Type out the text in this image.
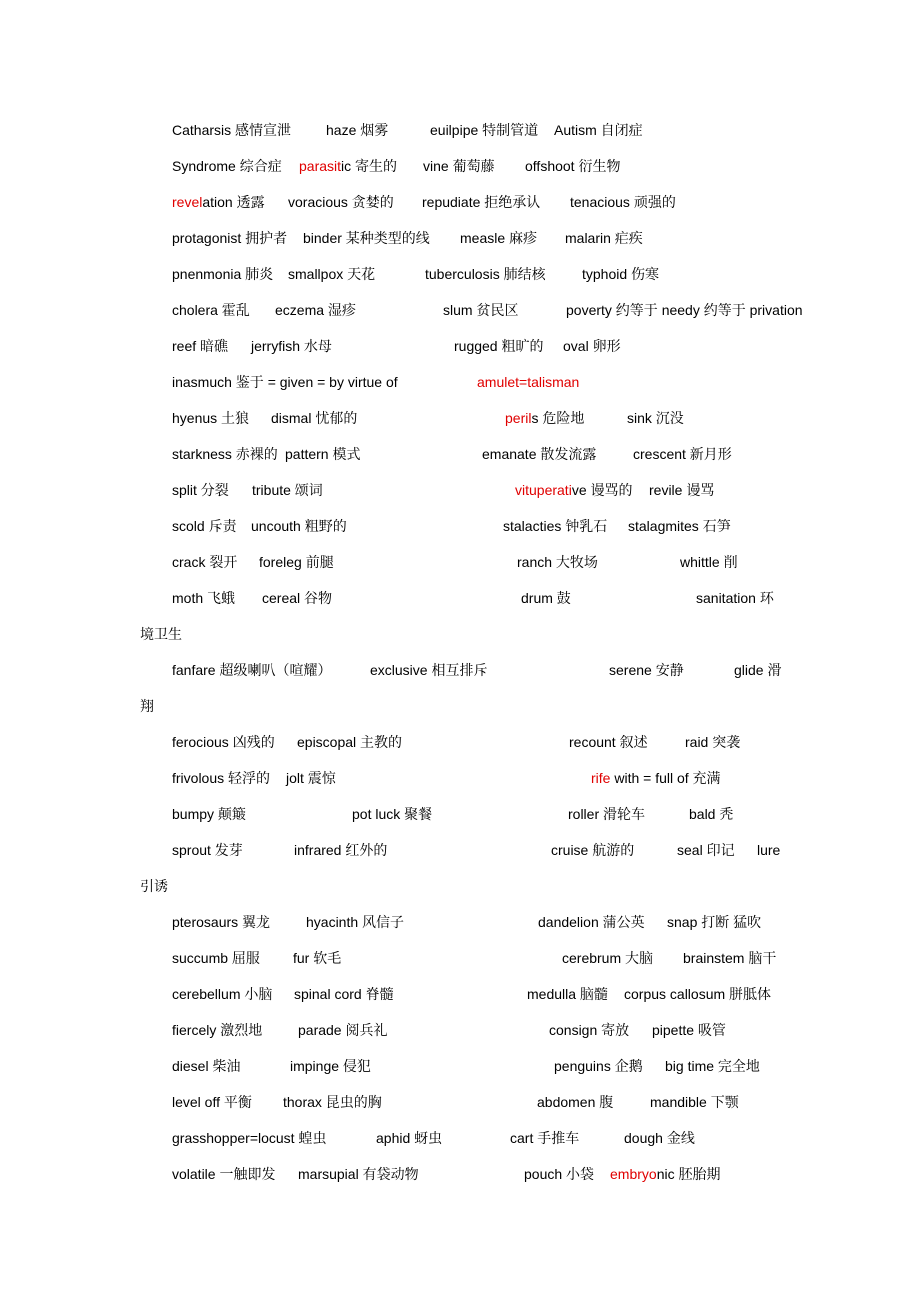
Catharsis 感情宣泄 haze 烟雾	euilpipe 特制管道 Autism 自闭症
Syndrome 综合症 parasitic 寄生的 vine 葡萄藤 offshoot 衍生物
revelation 透露 voracious 贪婪的 repudiate 拒绝承认 tenacious 顽强的
protagonist 拥护者 binder 某种类型的线 measle 麻疹 malarin 疟疾
pnenmonia 肺炎 smallpox 天花	tuberculosis 肺结核	typhoid 伤寒
cholera 霍乱 eczema 湿疹	slum 贫民区	poverty 约等于 needy 约等于 privation
reef 暗礁 jerryfish 水母	rugged 粗旷的 oval 卵形
inasmuch 鉴于 = given = by virtue of	amulet=talisman
hyenus 土狼 dismal 忧郁的	perils 危险地	sink 沉没
starkness 赤裸的 pattern 模式	emanate 散发流露	crescent 新月形
split 分裂 tribute 颂词	vituperative 谩骂的 revile 谩骂
scold 斥责 uncouth 粗野的	stalacties 钟乳石 stalagmites 石笋
crack 裂开 foreleg 前腿	ranch 大牧场	whittle 削
moth 飞蛾 cereal 谷物	drum 鼓	sanitation 环
境卫生
fanfare 超级喇叭（喧耀）	exclusive 相互排斥	serene 安静	glide 滑
翔
ferocious 凶残的 episcopal 主教的	recount 叙述	raid 突袭
frivolous 轻浮的 jolt 震惊	rife with = full of 充满
bumpy 颠簸	pot luck 聚餐	roller 滑轮车	bald 秃
sprout 发芽	infrared 红外的	cruise 航游的	seal 印记 lure
引诱
pterosaurs 翼龙	hyacinth 风信子	dandelion 蒲公英 snap 打断 猛吹
succumb 屈服 fur 软毛	cerebrum 大脑 brainstem 脑干
cerebellum 小脑 spinal cord 脊髓	medulla 脑髓 corpus callosum 胼胝体
fiercely 激烈地	parade 阅兵礼	consign 寄放 pipette 吸管
diesel 柴油	impinge 侵犯	penguins 企鹅 big time 完全地
level off 平衡 thorax 昆虫的胸	abdomen 腹	mandible 下颚
grasshopper=locust 蝗虫	aphid 蚜虫	cart 手推车	dough 金线
volatile 一触即发 marsupial 有袋动物	pouch 小袋 embryonic 胚胎期
